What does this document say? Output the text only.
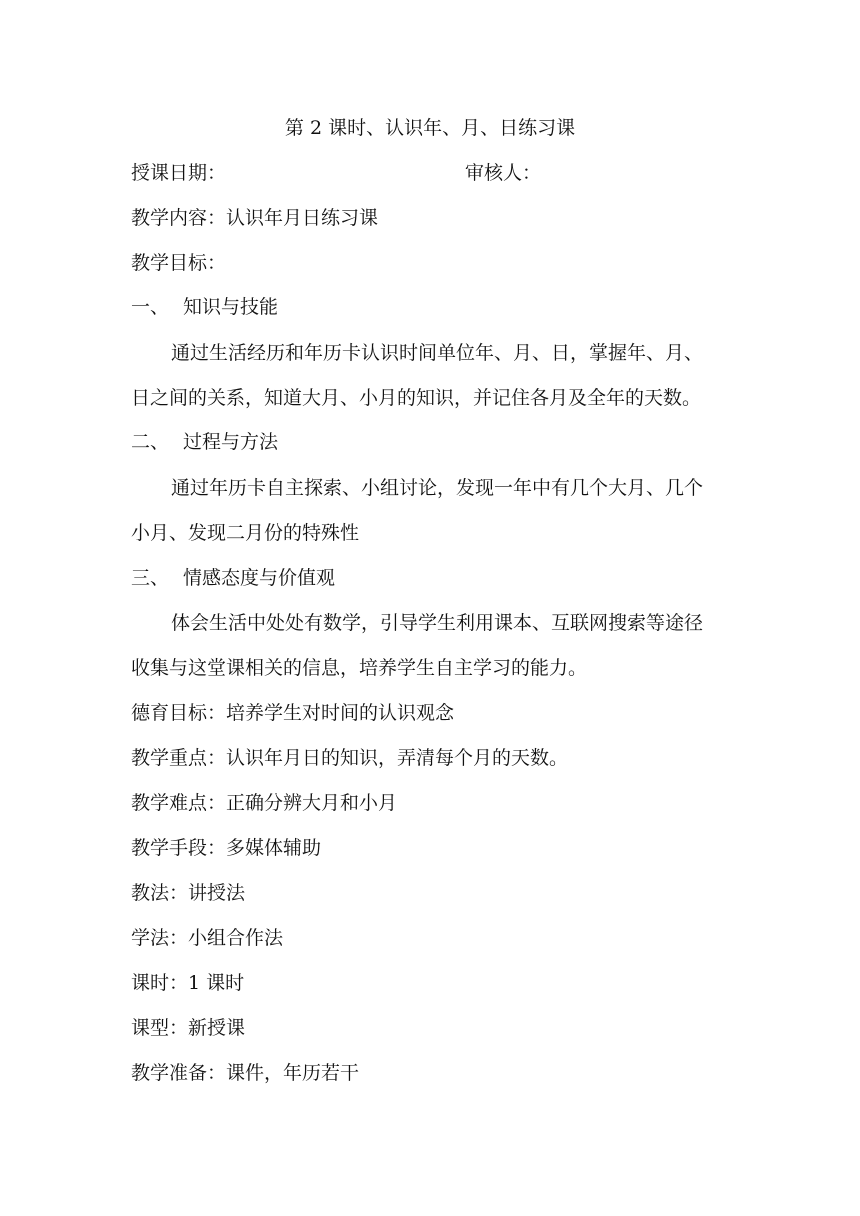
第 2 课时、认识年、月、日练习课
授课日期：	审核人：
教学内容：认识年月日练习课
教学目标：
一、 知识与技能
通过生活经历和年历卡认识时间单位年、月、日，掌握年、月、
日之间的关系，知道大月、小月的知识，并记住各月及全年的天数。
二、 过程与方法
通过年历卡自主探索、小组讨论，发现一年中有几个大月、几个
小月、发现二月份的特殊性
三、 情感态度与价值观
体会生活中处处有数学，引导学生利用课本、互联网搜索等途径
收集与这堂课相关的信息，培养学生自主学习的能力。
德育目标：培养学生对时间的认识观念
教学重点：认识年月日的知识，弄清每个月的天数。
教学难点：正确分辨大月和小月
教学手段：多媒体辅助
教法：讲授法
学法：小组合作法
课时：1 课时
课型：新授课
教学准备：课件，年历若干
